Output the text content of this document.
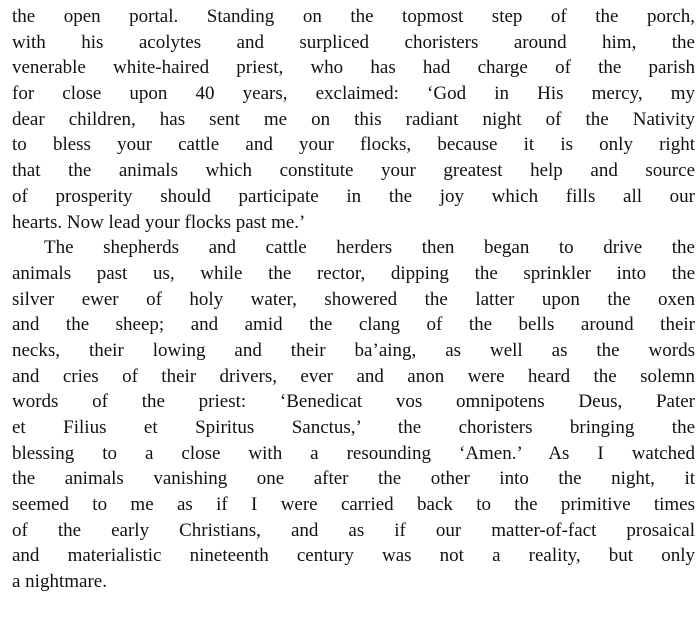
the open portal. Standing on the topmost step of the porch,
with his acolytes and surpliced choristers around him, the
venerable white-haired priest, who has had charge of the parish
for close upon 40 years, exclaimed: ‘God in His mercy, my
dear children, has sent me on this radiant night of the Nativity
to bless your cattle and your flocks, because it is only right
that the animals which constitute your greatest help and source
of prosperity should participate in the joy which fills all our
hearts. Now lead your flocks past me.’
The shepherds and cattle herders then began to drive the
animals past us, while the rector, dipping the sprinkler into the
silver ewer of holy water, showered the latter upon the oxen
and the sheep; and amid the clang of the bells around their
necks, their lowing and their ba’aing, as well as the words
and cries of their drivers, ever and anon were heard the solemn
words of the priest: ‘Benedicat vos omnipotens Deus, Pater
et Filius et Spiritus Sanctus,’ the choristers bringing the
blessing to a close with a resounding ‘Amen.’ As I watched
the animals vanishing one after the other into the night, it
seemed to me as if I were carried back to the primitive times
of the early Christians, and as if our matter-of-fact prosaical
and materialistic nineteenth century was not a reality, but only
a nightmare.
